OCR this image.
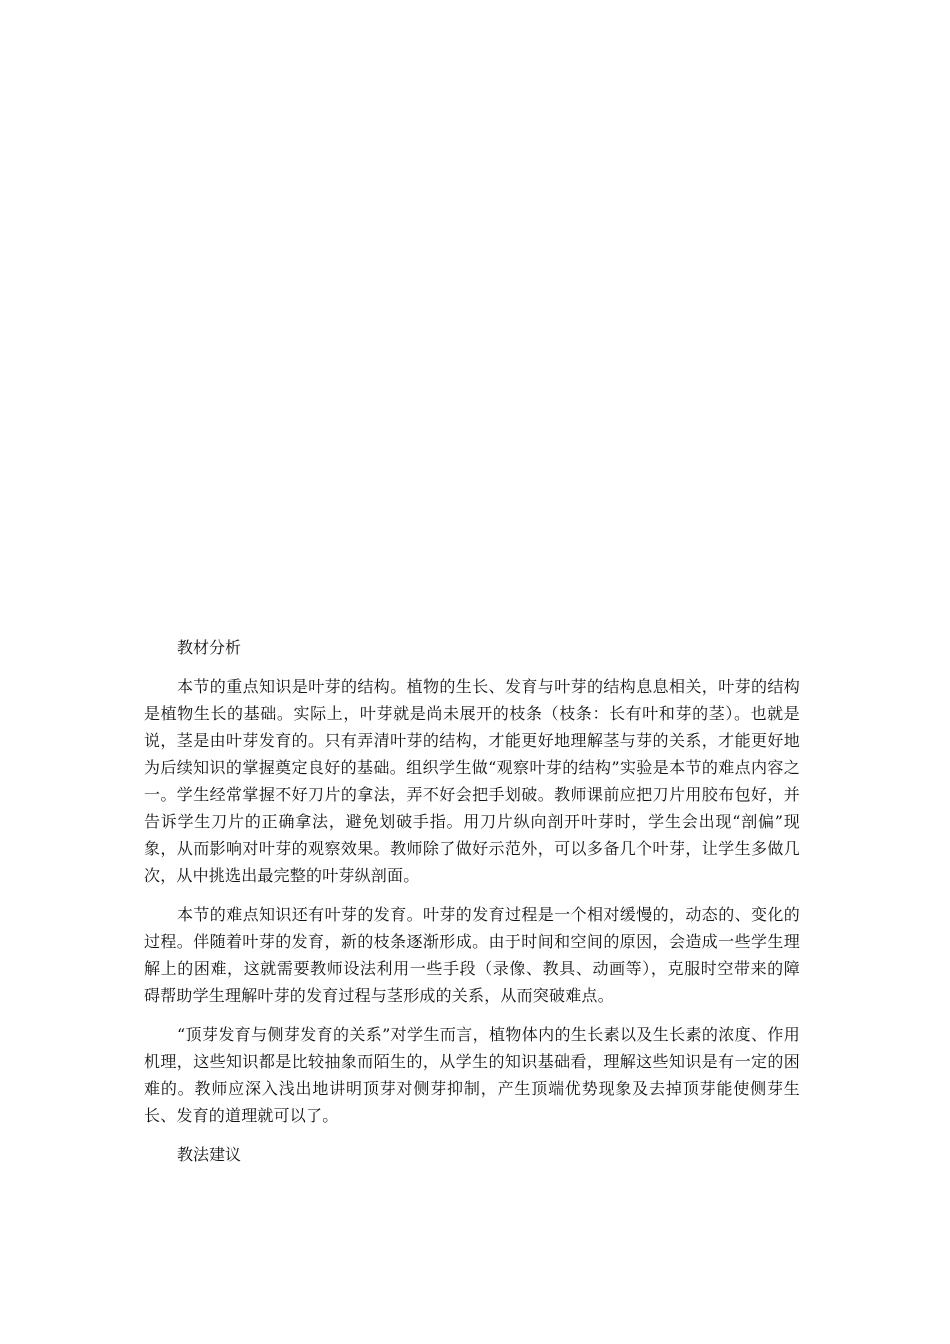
教材分析

本节的重点知识是叶芽的结构。植物的生长、发育与叶芽的结构息息相关，叶芽的结构是植物生长的基础。实际上，叶芽就是尚未展开的枝条（枝条：长有叶和芽的茎）。也就是说，茎是由叶芽发育的。只有弄清叶芽的结构，才能更好地理解茎与芽的关系，才能更好地为后续知识的掌握奠定良好的基础。组织学生做“观察叶芽的结构”实验是本节的难点内容之一。学生经常掌握不好刀片的拿法，弄不好会把手划破。教师课前应把刀片用胶布包好，并告诉学生刀片的正确拿法，避免划破手指。用刀片纵向剖开叶芽时，学生会出现“剖偏”现象，从而影响对叶芽的观察效果。教师除了做好示范外，可以多备几个叶芽，让学生多做几次，从中挑选出最完整的叶芽纵剖面。

本节的难点知识还有叶芽的发育。叶芽的发育过程是一个相对缓慢的，动态的、变化的过程。伴随着叶芽的发育，新的枝条逐渐形成。由于时间和空间的原因，会造成一些学生理解上的困难，这就需要教师设法利用一些手段（录像、教具、动画等），克服时空带来的障碍帮助学生理解叶芽的发育过程与茎形成的关系，从而突破难点。

“顶芽发育与侧芽发育的关系”对学生而言，植物体内的生长素以及生长素的浓度、作用机理，这些知识都是比较抽象而陌生的，从学生的知识基础看，理解这些知识是有一定的困难的。教师应深入浅出地讲明顶芽对侧芽抑制，产生顶端优势现象及去掉顶芽能使侧芽生长、发育的道理就可以了。

教法建议
